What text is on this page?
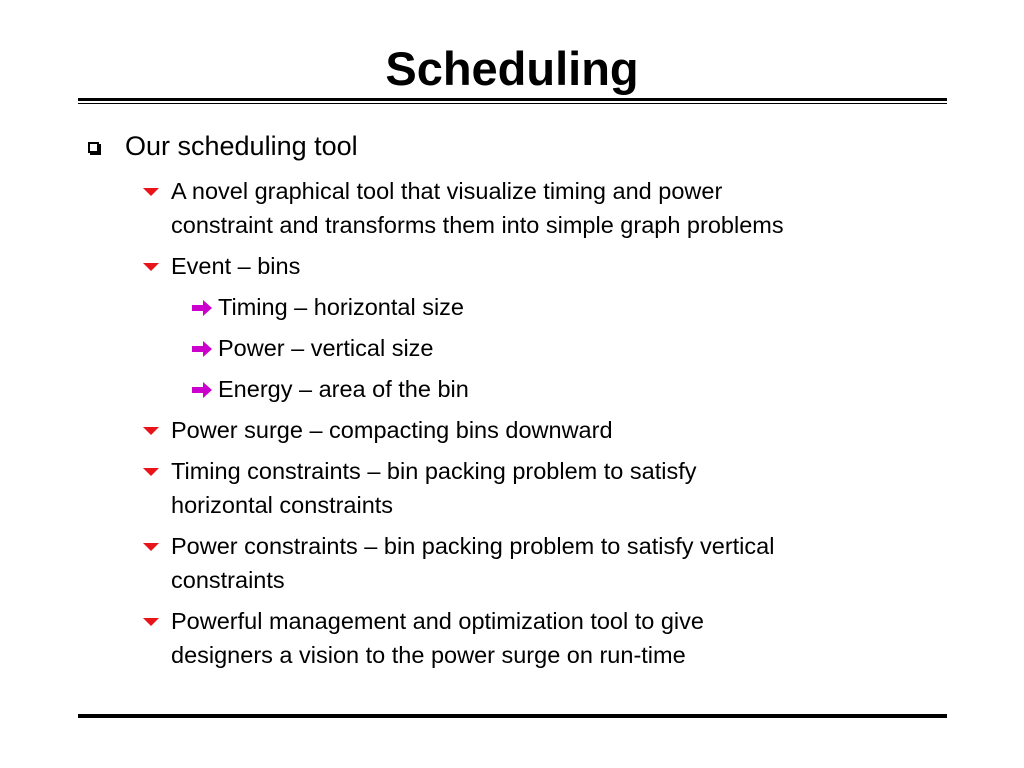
Scheduling
Our scheduling tool
A novel graphical tool that visualize timing and power
constraint and transforms them into simple graph problems
Event – bins
Timing – horizontal size
Power – vertical size
Energy – area of the bin
Power surge – compacting bins downward
Timing constraints – bin packing problem to satisfy
horizontal constraints
Power constraints – bin packing problem to satisfy vertical
constraints
Powerful management and optimization tool to give
designers a vision to the power surge on run-time
